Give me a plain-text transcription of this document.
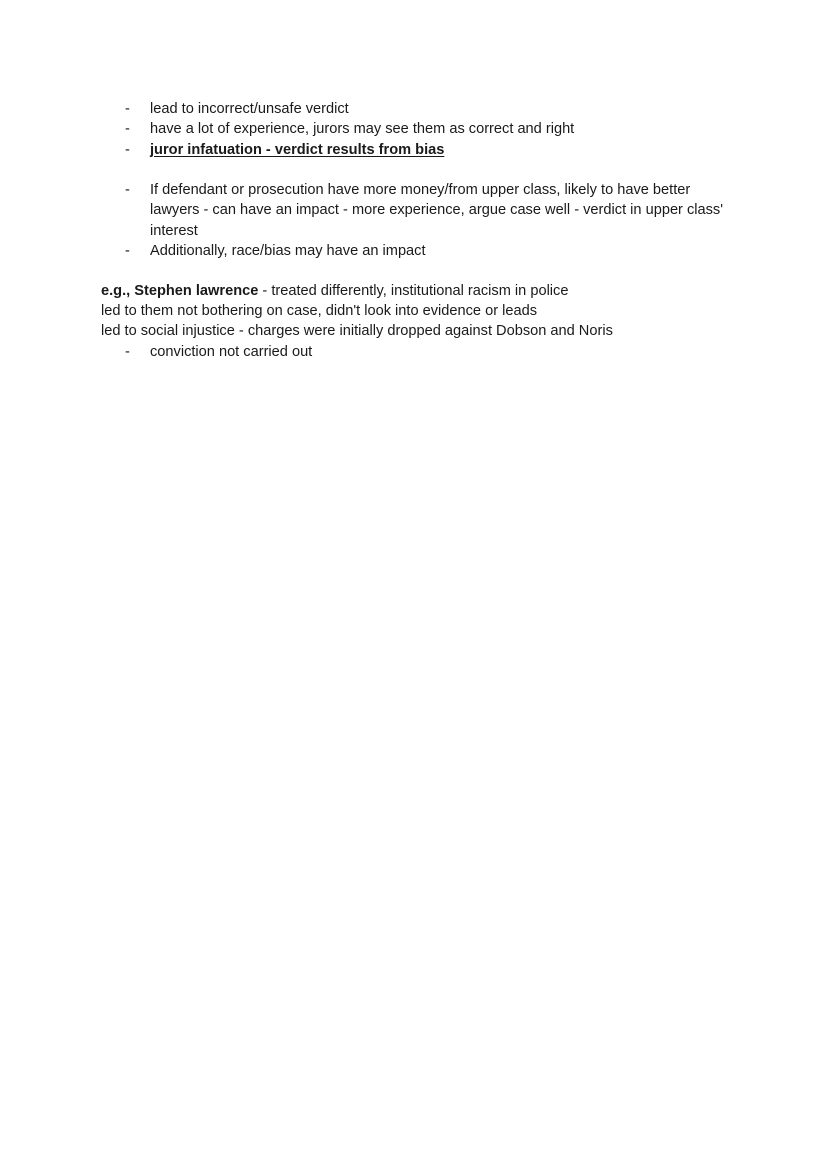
- lead to incorrect/unsafe verdict
- have a lot of experience, jurors may see them as correct and right
- juror infatuation - verdict results from bias
- If defendant or prosecution have more money/from upper class, likely to have better lawyers - can have an impact - more experience, argue case well - verdict in upper class' interest
- Additionally, race/bias may have an impact

e.g., Stephen lawrence - treated differently, institutional racism in police

led to them not bothering on case, didn't look into evidence or leads

led to social injustice - charges were initially dropped against Dobson and Noris

- conviction not carried out
